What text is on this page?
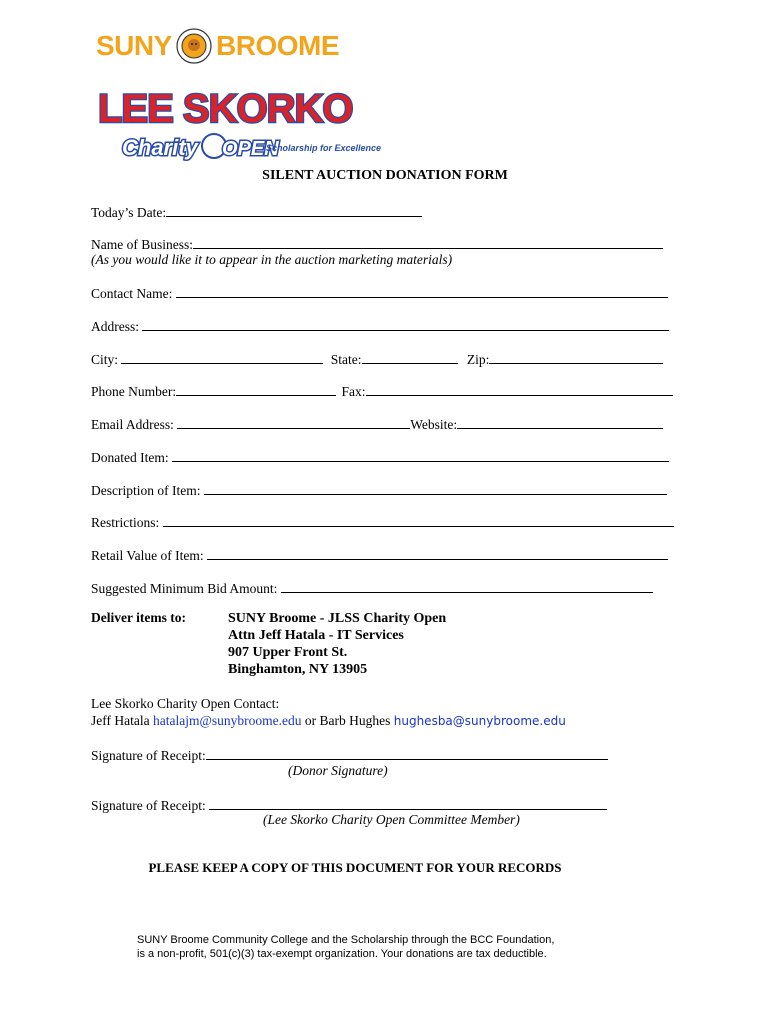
SUNY BROOME
LEE SKORKO
Charity OPEN
Scholarship for Excellence
SILENT AUCTION DONATION FORM
Today’s Date:
Name of Business:
(As you would like it to appear in the auction marketing materials)
Contact Name:
Address:
City:	State:	Zip:
Phone Number:	Fax:
Email Address:	Website:
Donated Item:
Description of Item:
Restrictions:
Retail Value of Item:
Suggested Minimum Bid Amount:
Deliver items to:	SUNY Broome - JLSS Charity Open
Attn Jeff Hatala - IT Services
907 Upper Front St.
Binghamton, NY 13905
Lee Skorko Charity Open Contact:
Jeff Hatala hatalajm@sunybroome.edu or Barb Hughes hughesba@sunybroome.edu
Signature of Receipt:
(Donor Signature)
Signature of Receipt:
(Lee Skorko Charity Open Committee Member)
PLEASE KEEP A COPY OF THIS DOCUMENT FOR YOUR RECORDS
SUNY Broome Community College and the Scholarship through the BCC Foundation,
is a non-profit, 501(c)(3) tax-exempt organization. Your donations are tax deductible.
